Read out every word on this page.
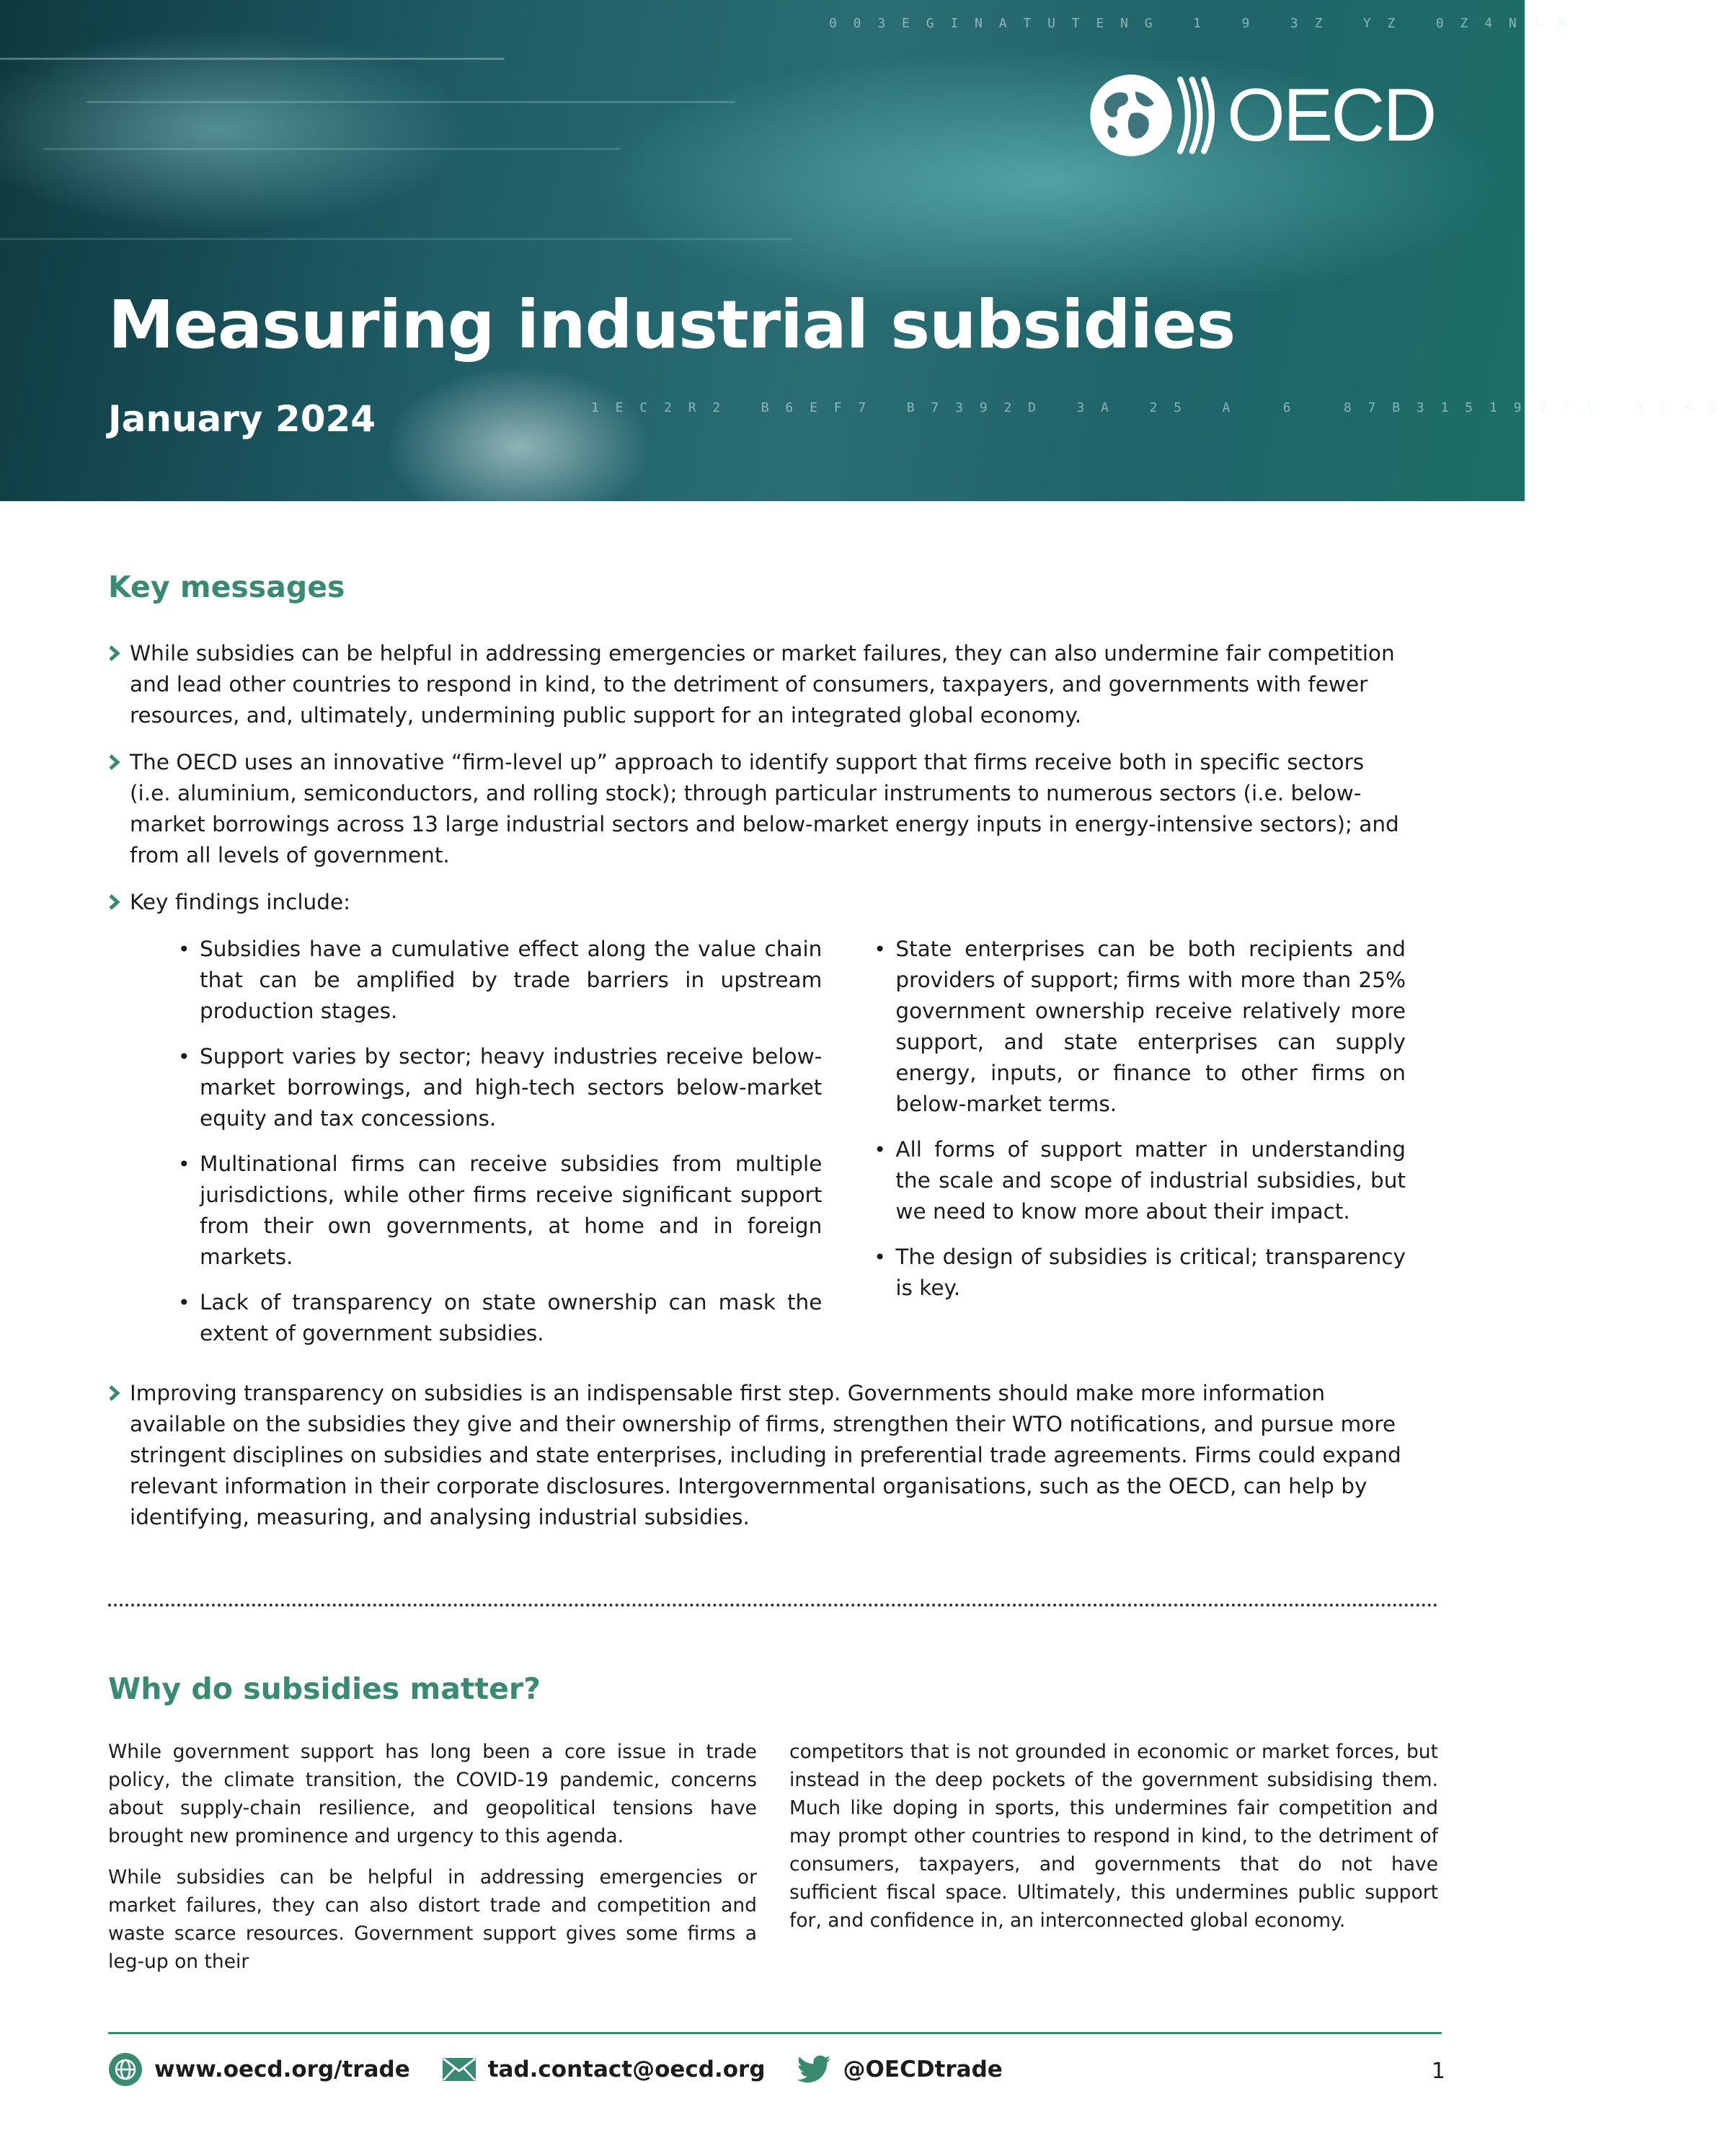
0 0 3 E G I N A T U T E N G   1   9   3 Z   Y Z   0 Z 4 N 1 0
1 E C 2 R 2   B 6 E F 7   B 7 3 9 2 D   3 A   2 5   A    6    8 7 B 3 1 5 1 9 0 7 5   9 C H D
OECD
Measuring industrial subsidies

January 2024

Key messages

While subsidies can be helpful in addressing emergencies or market failures, they can also undermine fair competition and lead other countries to respond in kind, to the detriment of consumers, taxpayers, and governments with fewer resources, and, ultimately, undermining public support for an integrated global economy.

The OECD uses an innovative “firm-level up” approach to identify support that firms receive both in specific sectors (i.e. aluminium, semiconductors, and rolling stock); through particular instruments to numerous sectors (i.e. below-market borrowings across 13 large industrial sectors and below-market energy inputs in energy-intensive sectors); and from all levels of government.

Key findings include:

• Subsidies have a cumulative effect along the value chain that can be amplified by trade barriers in upstream production stages.
• Support varies by sector; heavy industries receive below-market borrowings, and high-tech sectors below-market equity and tax concessions.
• Multinational firms can receive subsidies from multiple jurisdictions, while other firms receive significant support from their own governments, at home and in foreign markets.
• Lack of transparency on state ownership can mask the extent of government subsidies.
• State enterprises can be both recipients and providers of support; firms with more than 25% government ownership receive relatively more support, and state enterprises can supply energy, inputs, or finance to other firms on below-market terms.
• All forms of support matter in understanding the scale and scope of industrial subsidies, but we need to know more about their impact.
• The design of subsidies is critical; transparency is key.

Improving transparency on subsidies is an indispensable first step. Governments should make more information available on the subsidies they give and their ownership of firms, strengthen their WTO notifications, and pursue more stringent disciplines on subsidies and state enterprises, including in preferential trade agreements. Firms could expand relevant information in their corporate disclosures. Intergovernmental organisations, such as the OECD, can help by identifying, measuring, and analysing industrial subsidies.

Why do subsidies matter?

While government support has long been a core issue in trade policy, the climate transition, the COVID-19 pandemic, concerns about supply-chain resilience, and geopolitical tensions have brought new prominence and urgency to this agenda.

While subsidies can be helpful in addressing emergencies or market failures, they can also distort trade and competition and waste scarce resources. Government support gives some firms a leg-up on their

competitors that is not grounded in economic or market forces, but instead in the deep pockets of the government subsidising them. Much like doping in sports, this undermines fair competition and may prompt other countries to respond in kind, to the detriment of consumers, taxpayers, and governments that do not have sufficient fiscal space. Ultimately, this undermines public support for, and confidence in, an interconnected global economy.

www.oecd.org/trade	tad.contact@oecd.org	@OECDtrade	1
